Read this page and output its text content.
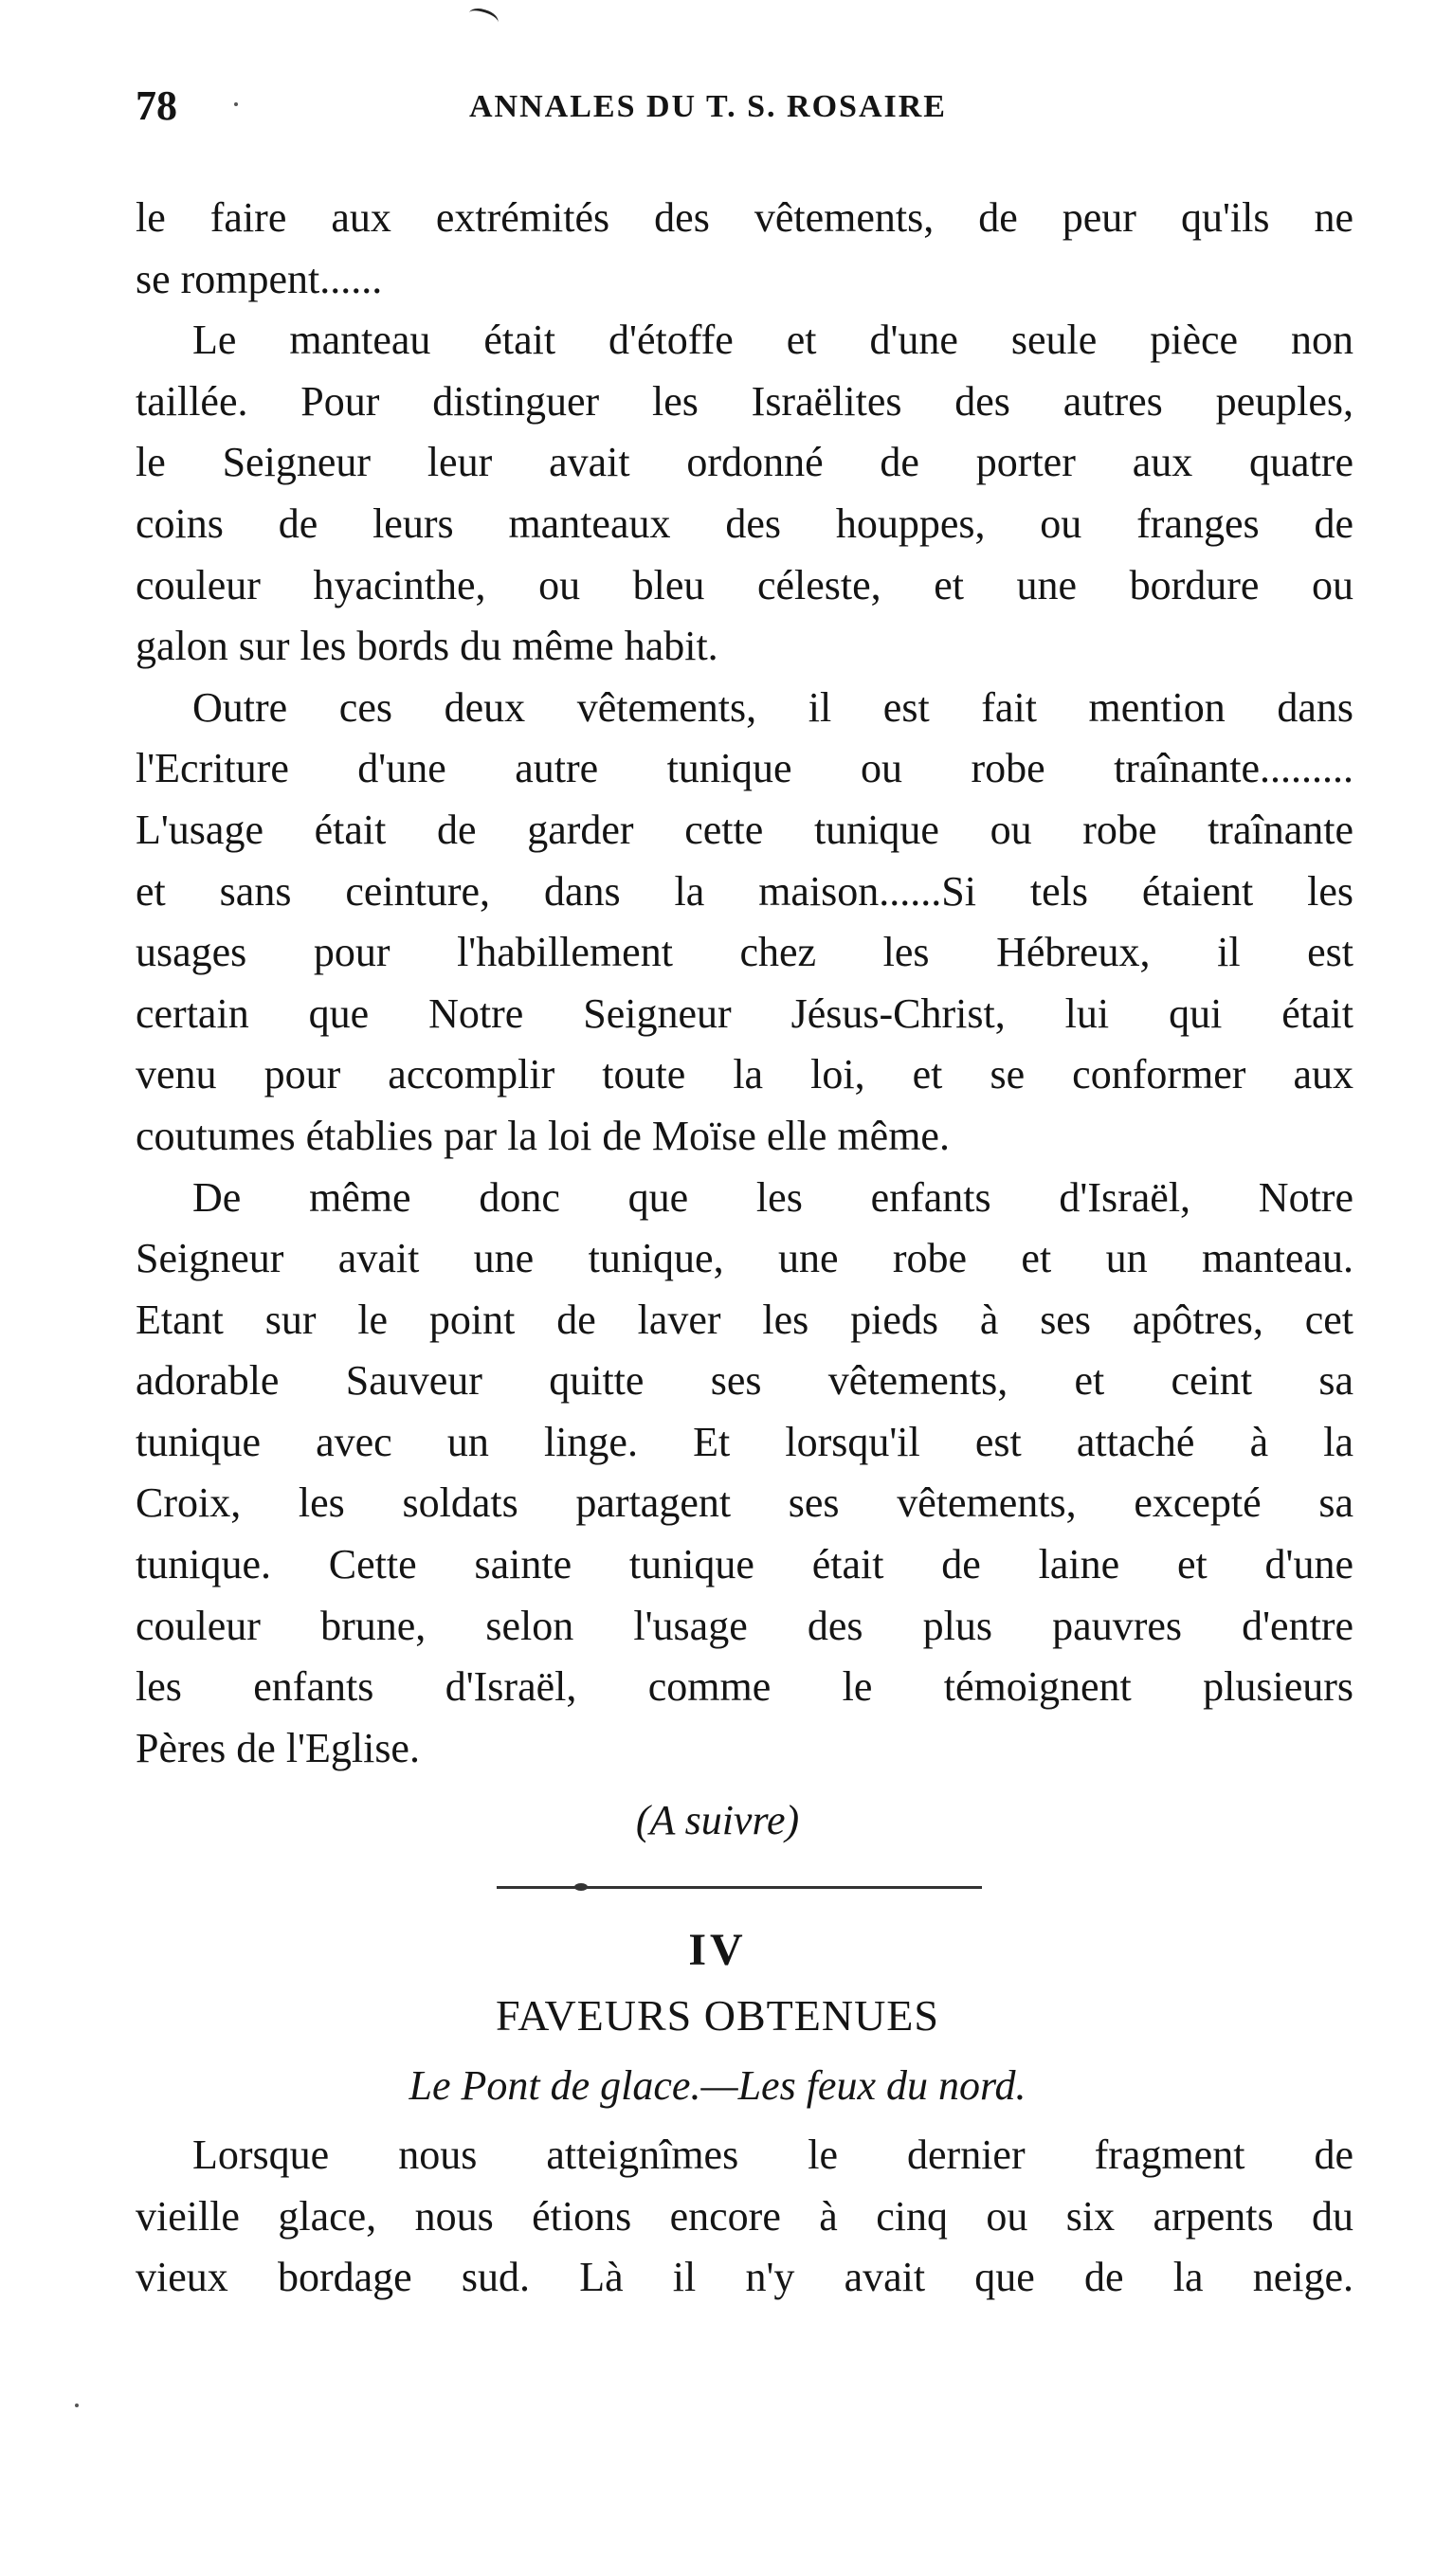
78	ANNALES DU T. S. ROSAIRE
le faire aux extrémités des vêtements, de peur qu'ils ne
se rompent......
Le manteau était d'étoffe et d'une seule pièce non
taillée. Pour distinguer les Israëlites des autres peuples,
le Seigneur leur avait ordonné de porter aux quatre
coins de leurs manteaux des houppes, ou franges de
couleur hyacinthe, ou bleu céleste, et une bordure ou
galon sur les bords du même habit.
Outre ces deux vêtements, il est fait mention dans
l'Ecriture d'une autre tunique ou robe traînante.........
L'usage était de garder cette tunique ou robe traînante
et sans ceinture, dans la maison......Si tels étaient les
usages pour l'habillement chez les Hébreux, il est
certain que Notre Seigneur Jésus-Christ, lui qui était
venu pour accomplir toute la loi, et se conformer aux
coutumes établies par la loi de Moïse elle même.
De même donc que les enfants d'Israël, Notre
Seigneur avait une tunique, une robe et un manteau.
Etant sur le point de laver les pieds à ses apôtres, cet
adorable Sauveur quitte ses vêtements, et ceint sa
tunique avec un linge. Et lorsqu'il est attaché à la
Croix, les soldats partagent ses vêtements, excepté sa
tunique. Cette sainte tunique était de laine et d'une
couleur brune, selon l'usage des plus pauvres d'entre
les enfants d'Israël, comme le témoignent plusieurs
Pères de l'Eglise.
(A suivre)
IV
FAVEURS OBTENUES
Le Pont de glace.—Les feux du nord.
Lorsque nous atteignîmes le dernier fragment de
vieille glace, nous étions encore à cinq ou six arpents du
vieux bordage sud. Là il n'y avait que de la neige.
